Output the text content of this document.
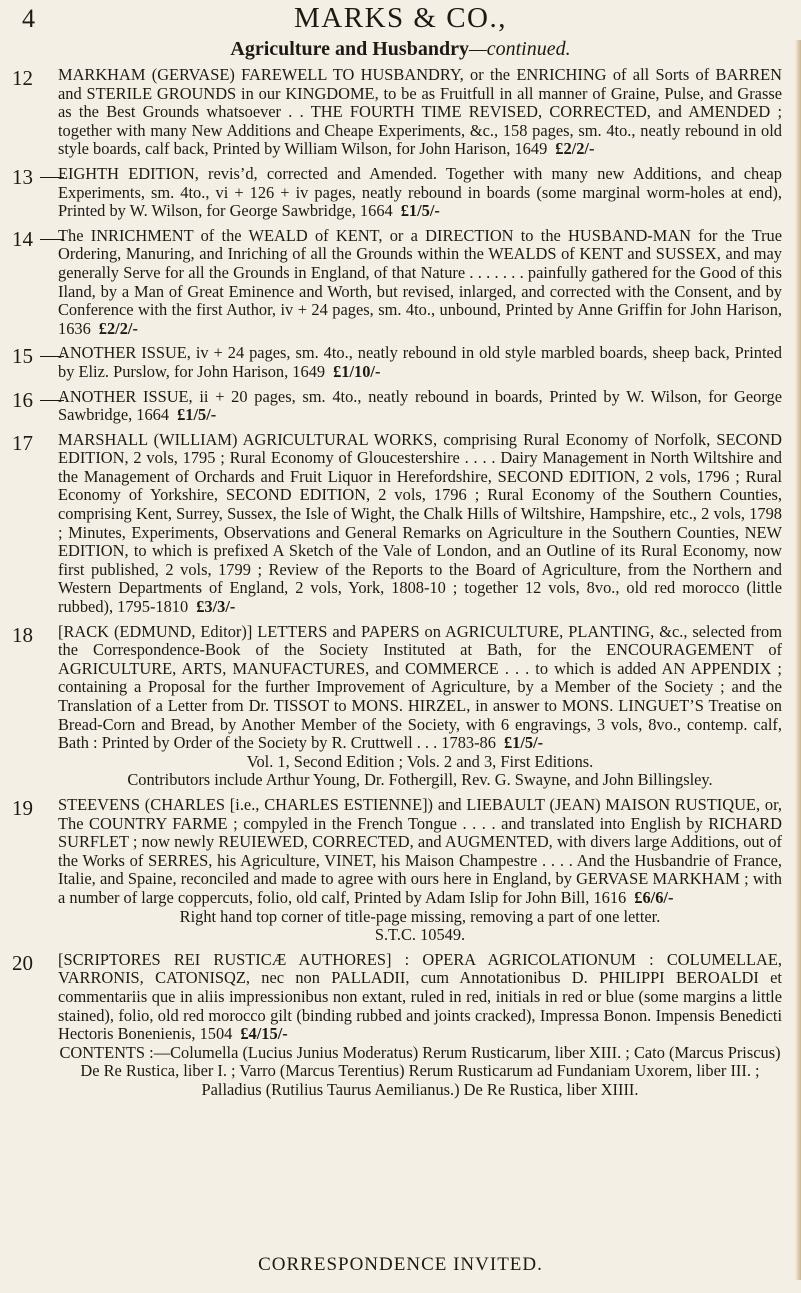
4	MARKS & CO.,
Agriculture and Husbandry—continued.
12	MARKHAM (GERVASE) FAREWELL TO HUSBANDRY, or the ENRICHING of all Sorts of BARREN and STERILE GROUNDS in our KINGDOME, to be as Fruitfull in all manner of Graine, Pulse, and Grasse as the Best Grounds whatsoever . . THE FOURTH TIME REVISED, CORRECTED, and AMENDED ; together with many New Additions and Cheape Experiments, &c., 158 pages, sm. 4to., neatly rebound in old style boards, calf back, Printed by William Wilson, for John Harison, 1649 £2/2/-
13	EIGHTH EDITION, revis’d, corrected and Amended. Together with many new Additions, and cheap Experiments, sm. 4to., vi + 126 + iv pages, neatly rebound in boards (some marginal worm-holes at end), Printed by W. Wilson, for George Sawbridge, 1664 £1/5/-
14	The INRICHMENT of the WEALD of KENT, or a DIRECTION to the HUSBAND-MAN for the True Ordering, Manuring, and Inriching of all the Grounds within the WEALDS of KENT and SUSSEX, and may generally Serve for all the Grounds in England, of that Nature . . . . . . . painfully gathered for the Good of this Iland, by a Man of Great Eminence and Worth, but revised, inlarged, and corrected with the Consent, and by Conference with the first Author, iv + 24 pages, sm. 4to., unbound, Printed by Anne Griffin for John Harison, 1636 £2/2/-
15	ANOTHER ISSUE, iv + 24 pages, sm. 4to., neatly rebound in old style marbled boards, sheep back, Printed by Eliz. Purslow, for John Harison, 1649 £1/10/-
16	ANOTHER ISSUE, ii + 20 pages, sm. 4to., neatly rebound in boards, Printed by W. Wilson, for George Sawbridge, 1664 £1/5/-
17	MARSHALL (WILLIAM) AGRICULTURAL WORKS, comprising Rural Economy of Norfolk, SECOND EDITION, 2 vols, 1795 ; Rural Economy of Gloucestershire . . . . Dairy Management in North Wiltshire and the Management of Orchards and Fruit Liquor in Herefordshire, SECOND EDITION, 2 vols, 1796 ; Rural Economy of Yorkshire, SECOND EDITION, 2 vols, 1796 ; Rural Economy of the Southern Counties, comprising Kent, Surrey, Sussex, the Isle of Wight, the Chalk Hills of Wiltshire, Hampshire, etc., 2 vols, 1798 ; Minutes, Experiments, Observations and General Remarks on Agriculture in the Southern Counties, NEW EDITION, to which is prefixed A Sketch of the Vale of London, and an Outline of its Rural Economy, now first published, 2 vols, 1799 ; Review of the Reports to the Board of Agriculture, from the Northern and Western Departments of England, 2 vols, York, 1808-10 ; together 12 vols, 8vo., old red morocco (little rubbed), 1795-1810 £3/3/-
18	[RACK (EDMUND, Editor)] LETTERS and PAPERS on AGRICULTURE, PLANTING, &c., selected from the Correspondence-Book of the Society Instituted at Bath, for the ENCOURAGEMENT of AGRICULTURE, ARTS, MANUFACTURES, and COMMERCE . . . to which is added AN APPENDIX ; containing a Proposal for the further Improvement of Agriculture, by a Member of the Society ; and the Translation of a Letter from Dr. TISSOT to MONS. HIRZEL, in answer to MONS. LINGUET’S Treatise on Bread-Corn and Bread, by Another Member of the Society, with 6 engravings, 3 vols, 8vo., contemp. calf, Bath : Printed by Order of the Society by R. Cruttwell . . . 1783-86 £1/5/-
Vol. 1, Second Edition ; Vols. 2 and 3, First Editions.
Contributors include Arthur Young, Dr. Fothergill, Rev. G. Swayne, and John Billingsley.
19	STEEVENS (CHARLES [i.e., CHARLES ESTIENNE]) and LIEBAULT (JEAN) MAISON RUSTIQUE, or, The COUNTRY FARME ; compyled in the French Tongue . . . . and translated into English by RICHARD SURFLET ; now newly REUIEWED, CORRECTED, and AUGMENTED, with divers large Additions, out of the Works of SERRES, his Agriculture, VINET, his Maison Champestre . . . . And the Husbandrie of France, Italie, and Spaine, reconciled and made to agree with ours here in England, by GERVASE MARKHAM ; with a number of large coppercuts, folio, old calf, Printed by Adam Islip for John Bill, 1616 £6/6/-
Right hand top corner of title-page missing, removing a part of one letter.
S.T.C. 10549.
20	[SCRIPTORES REI RUSTICÆ AUTHORES] : OPERA AGRICOLATIONUM : COLUMELLAE, VARRONIS, CATONISQZ, nec non PALLADII, cum Annotationibus D. PHILIPPI BEROALDI et commentariis que in aliis impressionibus non extant, ruled in red, initials in red or blue (some margins a little stained), folio, old red morocco gilt (binding rubbed and joints cracked), Impressa Bonon. Impensis Benedicti Hectoris Bonenienis, 1504 £4/15/-
CONTENTS :—Columella (Lucius Junius Moderatus) Rerum Rusticarum, liber XIII. ; Cato (Marcus Priscus) De Re Rustica, liber I. ; Varro (Marcus Terentius) Rerum Rusticarum ad Fundaniam Uxorem, liber III. ; Palladius (Rutilius Taurus Aemilianus.) De Re Rustica, liber XIIII.
CORRESPONDENCE INVITED.
